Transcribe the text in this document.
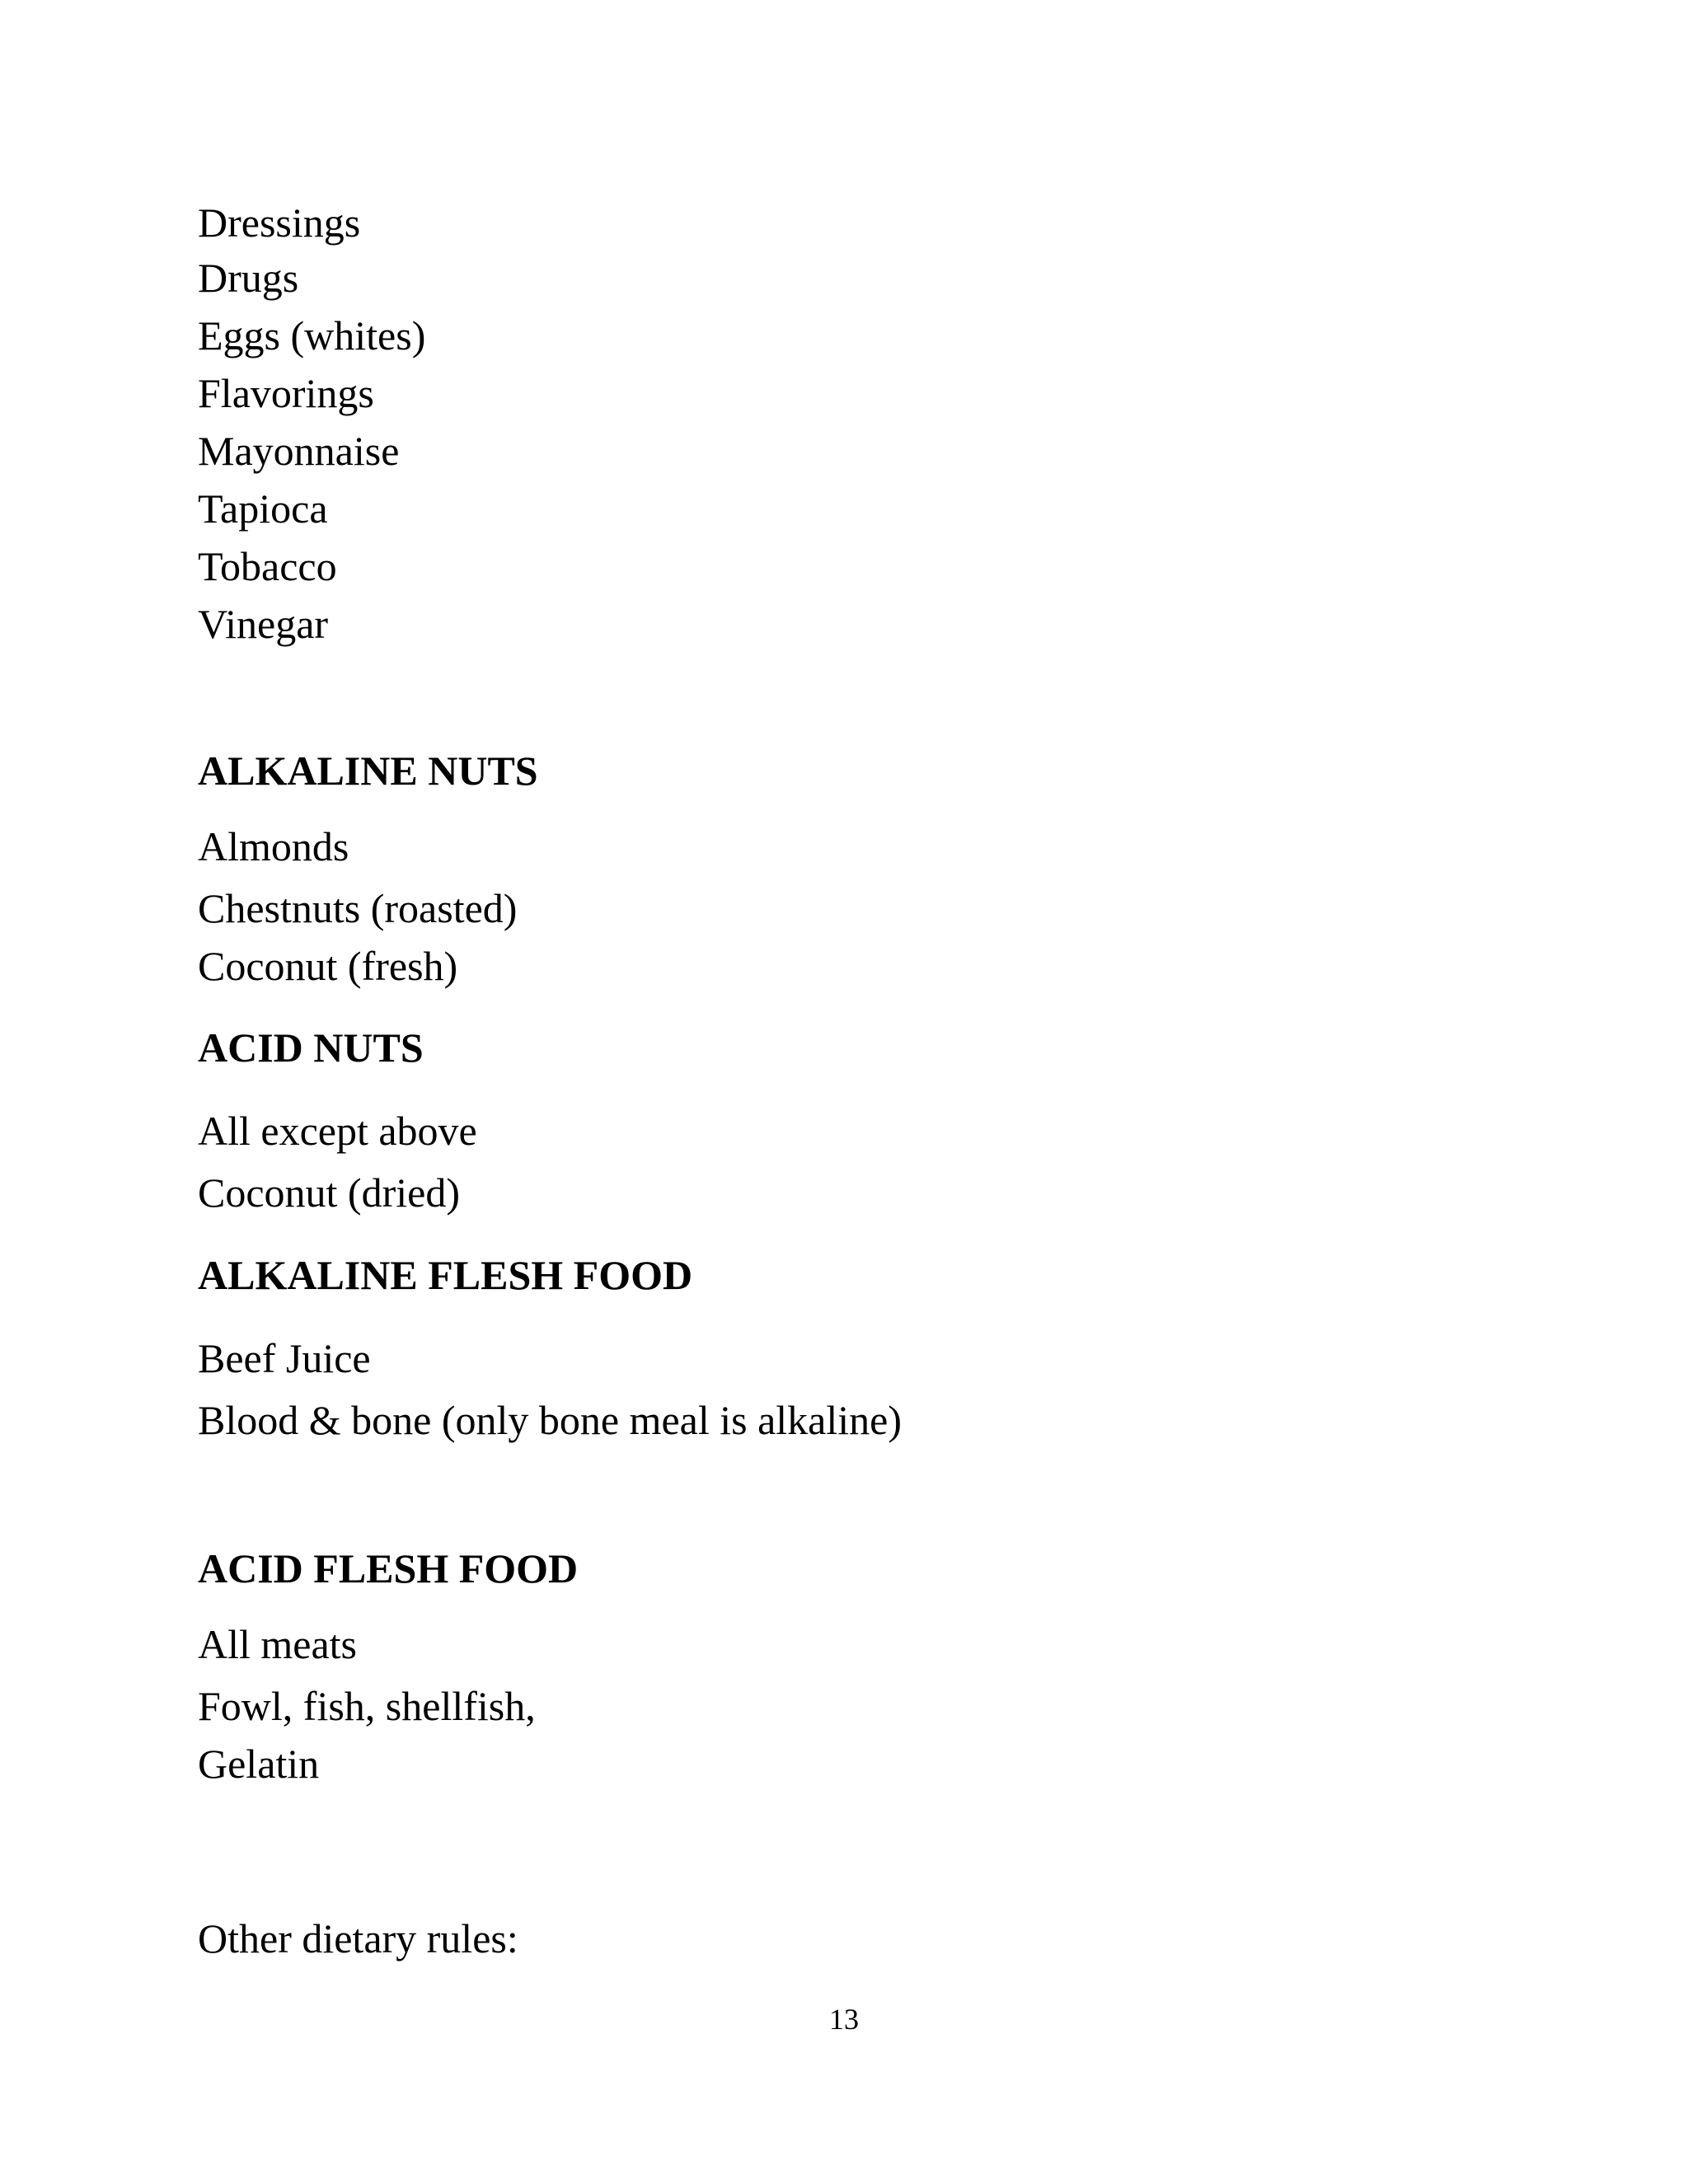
Dressings
Drugs
Eggs (whites)
Flavorings
Mayonnaise
Tapioca
Tobacco
Vinegar
ALKALINE NUTS
Almonds
Chestnuts (roasted)
Coconut (fresh)
ACID NUTS
All except above
Coconut (dried)
ALKALINE FLESH FOOD
Beef Juice
Blood & bone (only bone meal is alkaline)
ACID FLESH FOOD
All meats
Fowl, fish, shellfish,
Gelatin
Other dietary rules:
13
